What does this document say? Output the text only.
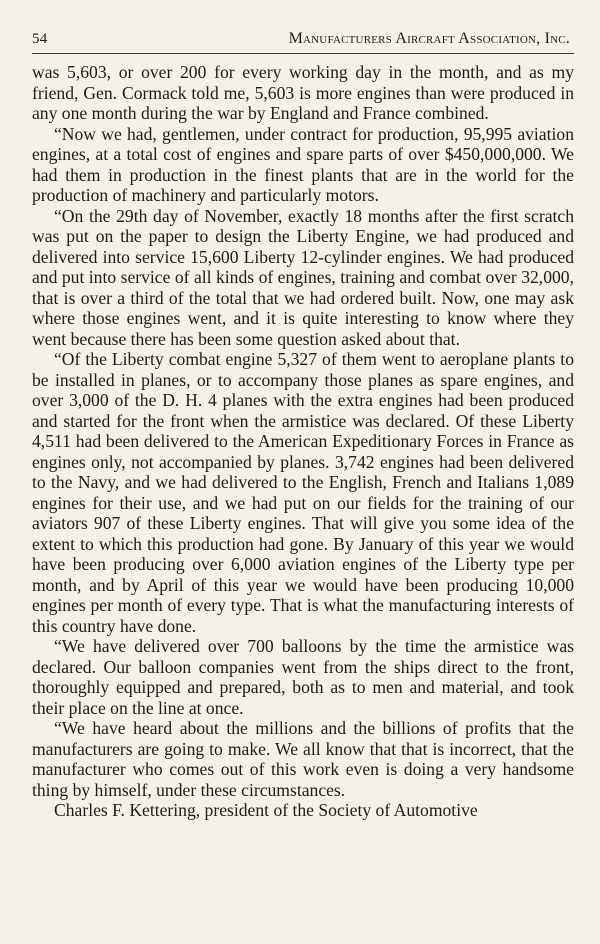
54	Manufacturers Aircraft Association, Inc.

was 5,603, or over 200 for every working day in the month, and as my friend, Gen. Cormack told me, 5,603 is more engines than were produced in any one month during the war by England and France combined.

“Now we had, gentlemen, under contract for production, 95,995 aviation engines, at a total cost of engines and spare parts of over $450,000,000. We had them in production in the finest plants that are in the world for the production of machinery and particularly motors.

“On the 29th day of November, exactly 18 months after the first scratch was put on the paper to design the Liberty Engine, we had produced and delivered into service 15,600 Liberty 12-cylinder engines. We had produced and put into service of all kinds of engines, training and combat over 32,000, that is over a third of the total that we had ordered built. Now, one may ask where those engines went, and it is quite interesting to know where they went because there has been some question asked about that.

“Of the Liberty combat engine 5,327 of them went to aeroplane plants to be installed in planes, or to accompany those planes as spare engines, and over 3,000 of the D. H. 4 planes with the extra engines had been produced and started for the front when the armistice was declared. Of these Liberty 4,511 had been delivered to the American Expeditionary Forces in France as engines only, not accompanied by planes. 3,742 engines had been delivered to the Navy, and we had delivered to the English, French and Italians 1,089 engines for their use, and we had put on our fields for the training of our aviators 907 of these Liberty engines. That will give you some idea of the extent to which this production had gone. By January of this year we would have been producing over 6,000 aviation engines of the Liberty type per month, and by April of this year we would have been producing 10,000 engines per month of every type. That is what the manufacturing interests of this country have done.

“We have delivered over 700 balloons by the time the armistice was declared. Our balloon companies went from the ships direct to the front, thoroughly equipped and prepared, both as to men and material, and took their place on the line at once.

“We have heard about the millions and the billions of profits that the manufacturers are going to make. We all know that that is incorrect, that the manufacturer who comes out of this work even is doing a very handsome thing by himself, under these circumstances.

Charles F. Kettering, president of the Society of Automotive
